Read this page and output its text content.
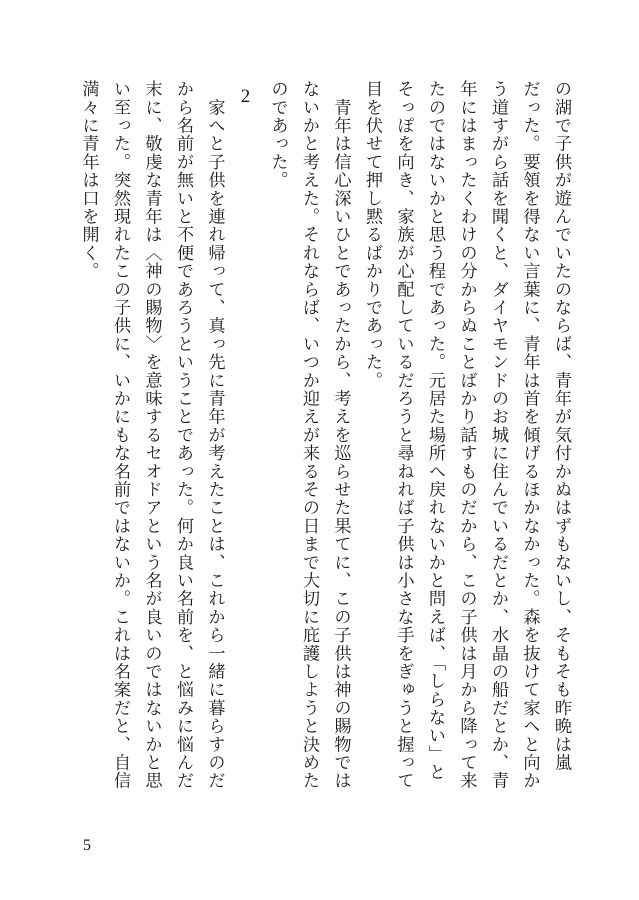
の湖で子供が遊んでいたのならば、青年が気付かぬはずもないし、そもそも昨晩は嵐
だった。要領を得ない言葉に、青年は首を傾げるほかなかった。森を抜けて家へと向か
う道すがら話を聞くと、ダイヤモンドのお城に住んでいるだとか、水晶の船だとか、青
年にはまったくわけの分からぬことばかり話すものだから、この子供は月から降って来
たのではないかと思う程であった。元居た場所へ戻れないかと問えば、「しらない」と
そっぽを向き、家族が心配しているだろうと尋ねれば子供は小さな手をぎゅうと握って
目を伏せて押し黙るばかりであった。
　青年は信心深いひとであったから、考えを巡らせた果てに、この子供は神の賜物では
ないかと考えた。それならば、いつか迎えが来るその日まで大切に庇護しようと決めた
のであった。
2
　家へと子供を連れ帰って、真っ先に青年が考えたことは、これから一緒に暮らすのだ
から名前が無いと不便であろうということであった。何か良い名前を、と悩みに悩んだ
末に、敬虔な青年は〈神の賜物〉を意味するセオドアという名が良いのではないかと思
い至った。突然現れたこの子供に、いかにもな名前ではないか。これは名案だと、自信
満々に青年は口を開く。
5
